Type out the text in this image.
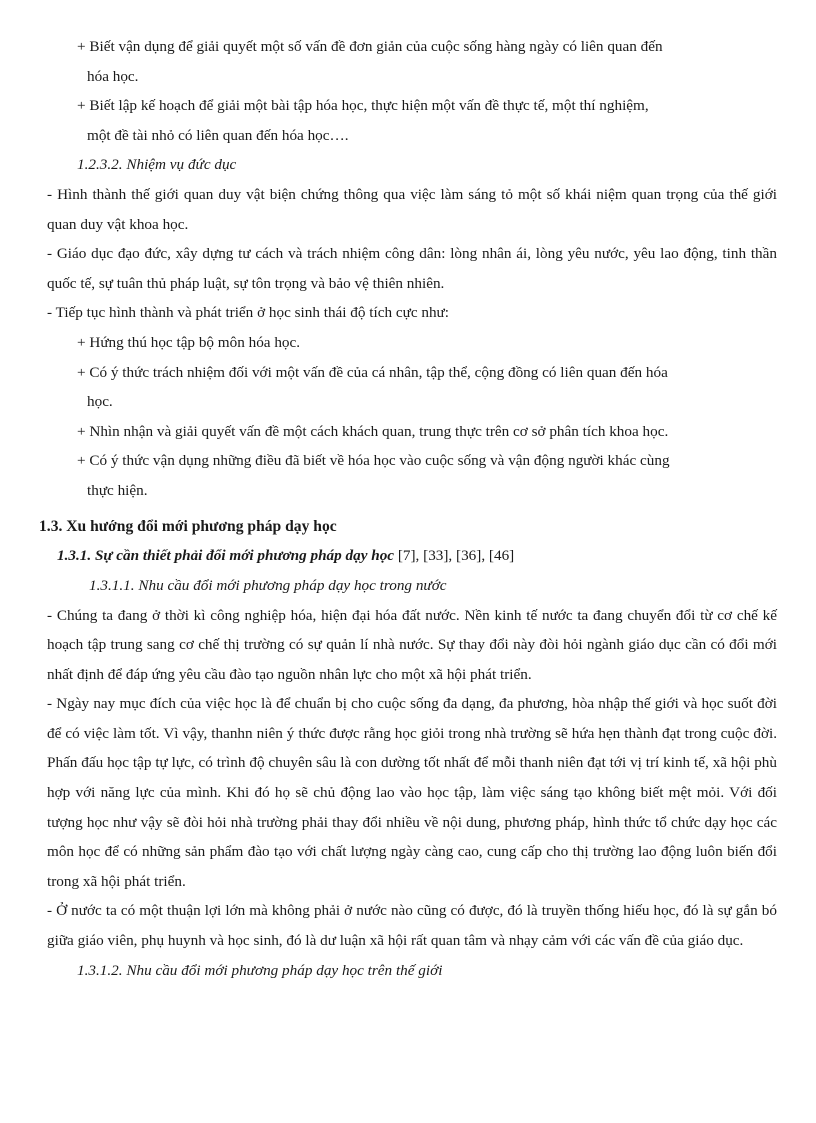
+ Biết vận dụng để giải quyết một số vấn đề đơn giản của cuộc sống hàng ngày có liên quan đến
hóa học.

+ Biết lập kế hoạch để giải một bài tập hóa học, thực hiện một vấn đề thực tế, một thí nghiệm,
một đề tài nhỏ có liên quan đến hóa học….

1.2.3.2. Nhiệm vụ đức dục

- Hình thành thế giới quan duy vật biện chứng thông qua việc làm sáng tỏ một số khái niệm quan trọng của thế giới quan duy vật khoa học.

- Giáo dục đạo đức, xây dựng tư cách và trách nhiệm công dân: lòng nhân ái, lòng yêu nước, yêu lao động, tinh thần quốc tế, sự tuân thủ pháp luật, sự tôn trọng và bảo vệ thiên nhiên.

- Tiếp tục hình thành và phát triển ở học sinh thái độ tích cực như:

+ Hứng thú học tập bộ môn hóa học.

+ Có ý thức trách nhiệm đối với một vấn đề của cá nhân, tập thể, cộng đồng có liên quan đến hóa
học.

+ Nhìn nhận và giải quyết vấn đề một cách khách quan, trung thực trên cơ sở phân tích khoa học.

+ Có ý thức vận dụng những điều đã biết về hóa học vào cuộc sống và vận động người khác cùng
thực hiện.

1.3. Xu hướng đổi mới phương pháp dạy học

1.3.1. Sự cần thiết phải đổi mới phương pháp dạy học [7], [33], [36], [46]

1.3.1.1. Nhu cầu đổi mới phương pháp dạy học trong nước

- Chúng ta đang ở thời kì công nghiệp hóa, hiện đại hóa đất nước. Nền kinh tế nước ta đang chuyển đổi từ cơ chế kế hoạch tập trung sang cơ chế thị trường có sự quản lí nhà nước. Sự thay đổi này đòi hỏi ngành giáo dục cần có đổi mới nhất định để đáp ứng yêu cầu đào tạo nguồn nhân lực cho một xã hội phát triển.

- Ngày nay mục đích của việc học là để chuẩn bị cho cuộc sống đa dạng, đa phương, hòa nhập thế giới và học suốt đời để có việc làm tốt. Vì vậy, thanhn niên ý thức được rằng học giỏi trong nhà trường sẽ hứa hẹn thành đạt trong cuộc đời. Phấn đấu học tập tự lực, có trình độ chuyên sâu là con dường tốt nhất để mỗi thanh niên đạt tới vị trí kinh tế, xã hội phù hợp với năng lực của mình. Khi đó họ sẽ chủ động lao vào học tập, làm việc sáng tạo không biết mệt mỏi. Với đối tượng học như vậy sẽ đòi hỏi nhà trường phải thay đổi nhiều về nội dung, phương pháp, hình thức tổ chức dạy học các môn học để có những sản phẩm đào tạo với chất lượng ngày càng cao, cung cấp cho thị trường lao động luôn biến đổi trong xã hội phát triển.

- Ở nước ta có một thuận lợi lớn mà không phải ở nước nào cũng có được, đó là truyền thống hiếu học, đó là sự gắn bó giữa giáo viên, phụ huynh và học sinh, đó là dư luận xã hội rất quan tâm và nhạy cảm với các vấn đề của giáo dục.

1.3.1.2. Nhu cầu đổi mới phương pháp dạy học trên thế giới
